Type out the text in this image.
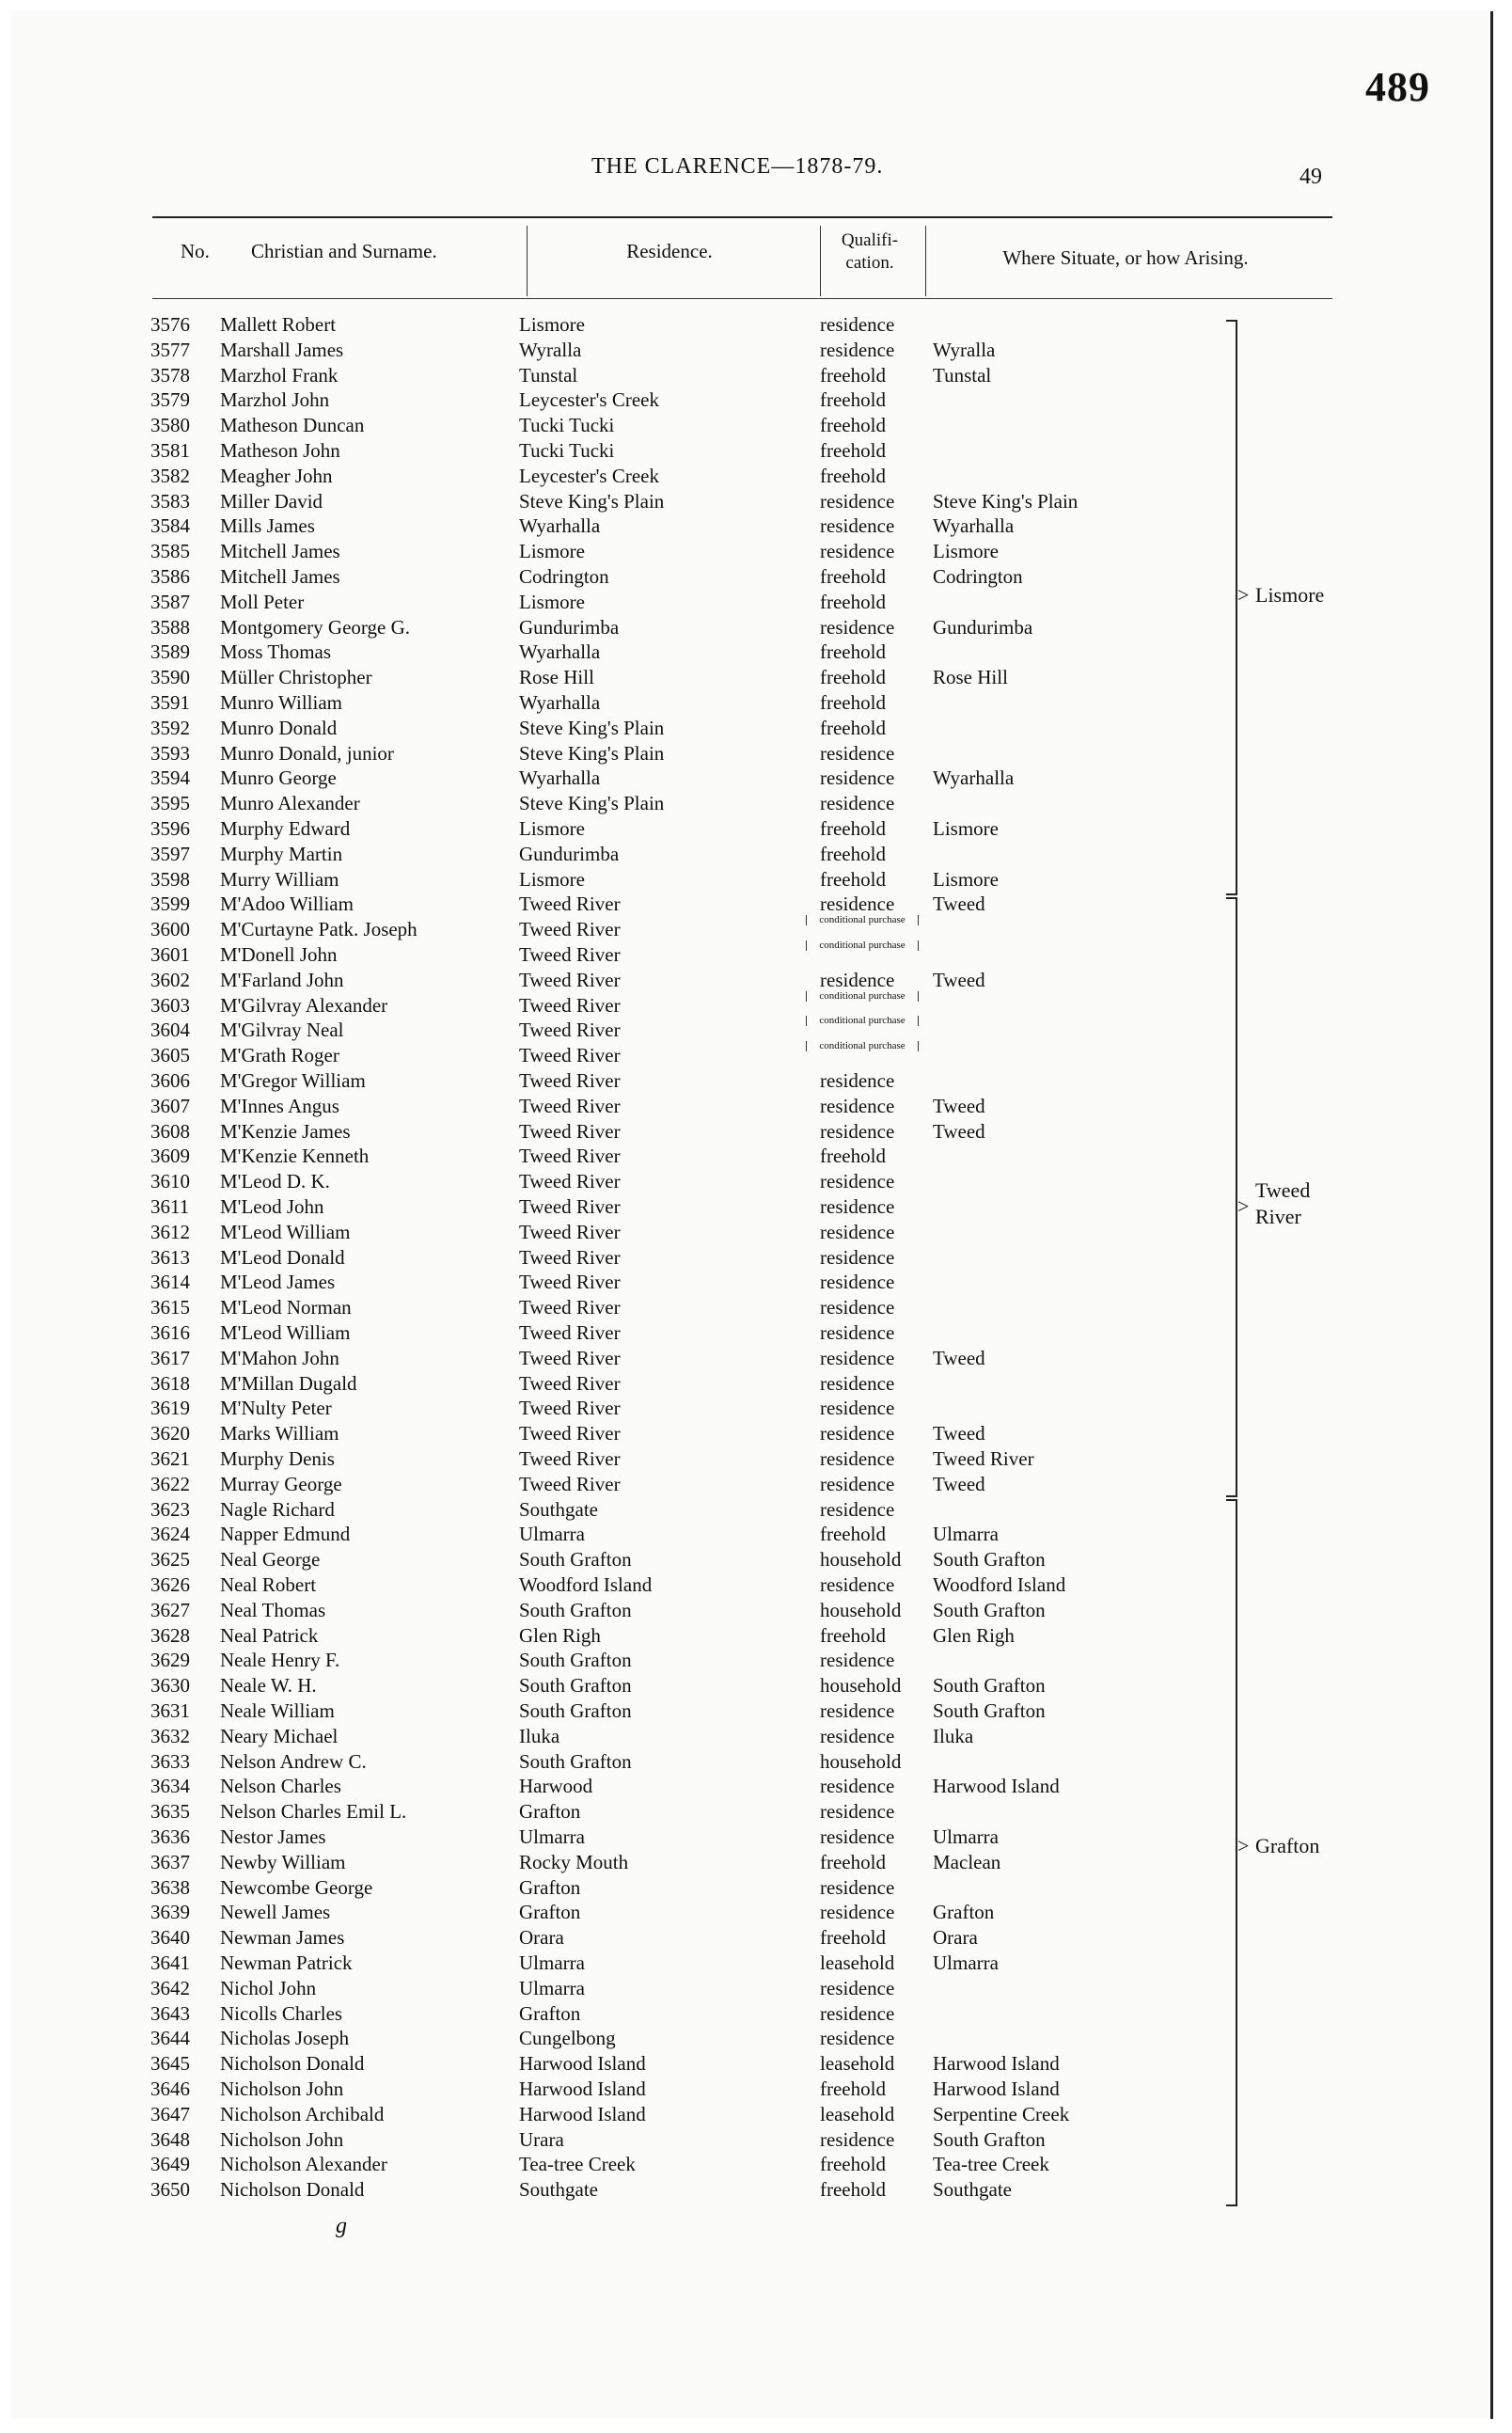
489
THE CLARENCE—1878-79.	49
No. Christian and Surname.	Residence.	Qualifi- cation.	Where Situate, or how Arising.
3576 Mallett Robert	Lismore	residence
3577 Marshall James	Wyralla	residence Wyralla
3578 Marzhol Frank	Tunstal	freehold Tunstal
3579 Marzhol John	Leycester's Creek	freehold
3580 Matheson Duncan	Tucki Tucki	freehold
3581 Matheson John	Tucki Tucki	freehold
3582 Meagher John	Leycester's Creek	freehold
3583 Miller David	Steve King's Plain	residence Steve King's Plain
3584 Mills James	Wyarhalla	residence Wyarhalla
3585 Mitchell James	Lismore	residence Lismore
3586 Mitchell James	Codrington	freehold Codrington
3587 Moll Peter	Lismore	freehold
3588 Montgomery George G.	Gundurimba	residence Gundurimba
3589 Moss Thomas	Wyarhalla	freehold
3590 Müller Christopher	Rose Hill	freehold Rose Hill
3591 Munro William	Wyarhalla	freehold
3592 Munro Donald	Steve King's Plain	freehold
3593 Munro Donald, junior	Steve King's Plain	residence
3594 Munro George	Wyarhalla	residence Wyarhalla
3595 Munro Alexander	Steve King's Plain	residence
3596 Murphy Edward	Lismore	freehold Lismore
3597 Murphy Martin	Gundurimba	freehold
3598 Murry William	Lismore	freehold Lismore
3599 M'Adoo William	Tweed River	residence Tweed
3600 M'Curtayne Patk. Joseph	Tweed River	conditional purchase
3601 M'Donell John	Tweed River	conditional purchase
3602 M'Farland John	Tweed River	residence Tweed
3603 M'Gilvray Alexander	Tweed River	conditional purchase
3604 M'Gilvray Neal	Tweed River	conditional purchase
3605 M'Grath Roger	Tweed River	conditional purchase
3606 M'Gregor William	Tweed River	residence
3607 M'Innes Angus	Tweed River	residence Tweed
3608 M'Kenzie James	Tweed River	residence Tweed
3609 M'Kenzie Kenneth	Tweed River	freehold
3610 M'Leod D. K.	Tweed River	residence
3611 M'Leod John	Tweed River	residence
3612 M'Leod William	Tweed River	residence
3613 M'Leod Donald	Tweed River	residence
3614 M'Leod James	Tweed River	residence
3615 M'Leod Norman	Tweed River	residence
3616 M'Leod William	Tweed River	residence
3617 M'Mahon John	Tweed River	residence Tweed
3618 M'Millan Dugald	Tweed River	residence
3619 M'Nulty Peter	Tweed River	residence
3620 Marks William	Tweed River	residence Tweed
3621 Murphy Denis	Tweed River	residence Tweed River
3622 Murray George	Tweed River	residence Tweed
3623 Nagle Richard	Southgate	residence
3624 Napper Edmund	Ulmarra	freehold Ulmarra
3625 Neal George	South Grafton	household South Grafton
3626 Neal Robert	Woodford Island	residence Woodford Island
3627 Neal Thomas	South Grafton	household South Grafton
3628 Neal Patrick	Glen Righ	freehold Glen Righ
3629 Neale Henry F.	South Grafton	residence
3630 Neale W. H.	South Grafton	household South Grafton
3631 Neale William	South Grafton	residence South Grafton
3632 Neary Michael	Iluka	residence Iluka
3633 Nelson Andrew C.	South Grafton	household
3634 Nelson Charles	Harwood	residence Harwood Island
3635 Nelson Charles Emil L.	Grafton	residence
3636 Nestor James	Ulmarra	residence Ulmarra
3637 Newby William	Rocky Mouth	freehold Maclean
3638 Newcombe George	Grafton	residence
3639 Newell James	Grafton	residence Grafton
3640 Newman James	Orara	freehold Orara
3641 Newman Patrick	Ulmarra	leasehold Ulmarra
3642 Nichol John	Ulmarra	residence
3643 Nicolls Charles	Grafton	residence
3644 Nicholas Joseph	Cungelbong	residence
3645 Nicholson Donald	Harwood Island	leasehold Harwood Island
3646 Nicholson John	Harwood Island	freehold Harwood Island
3647 Nicholson Archibald	Harwood Island	leasehold Serpentine Creek
3648 Nicholson John	Urara	residence South Grafton
3649 Nicholson Alexander	Tea-tree Creek	freehold Tea-tree Creek
3650 Nicholson Donald	Southgate	freehold Southgate
> Lismore
>
Tweed River
> Grafton
g
